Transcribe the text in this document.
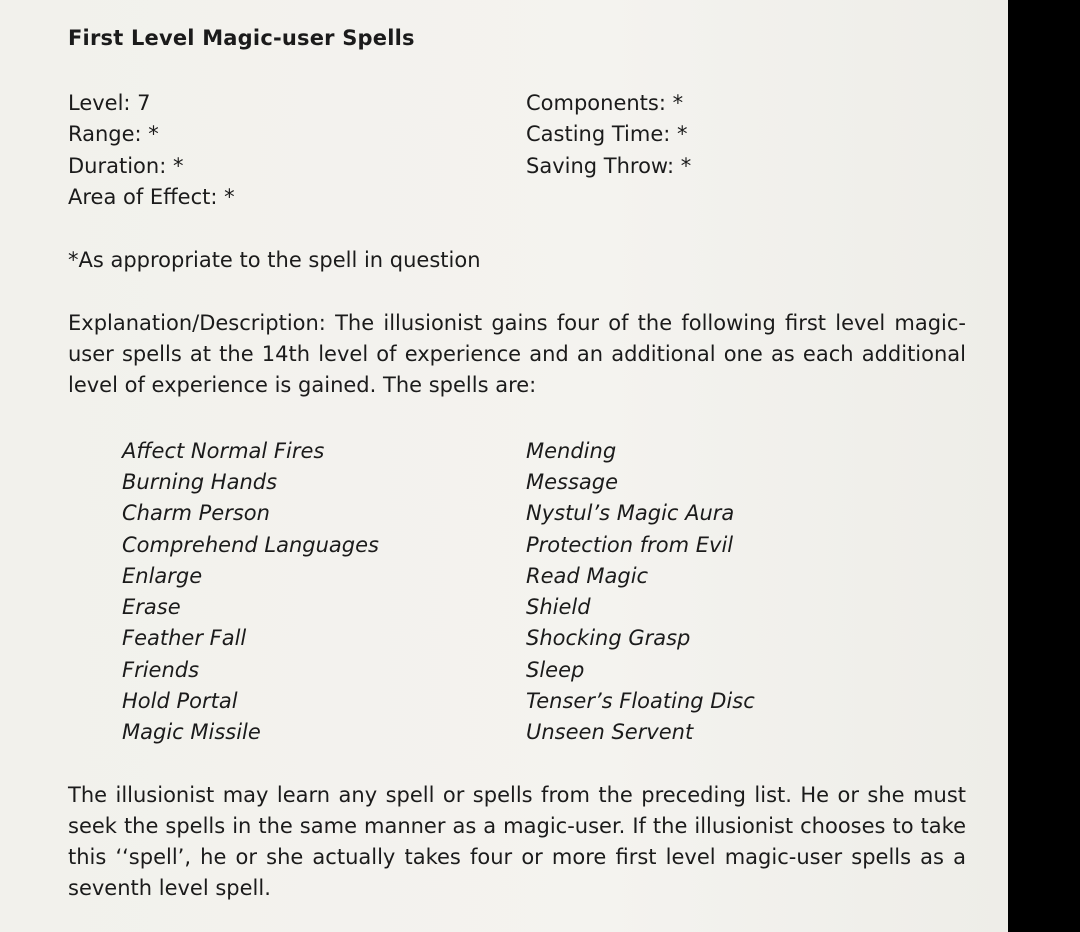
First Level Magic-user Spells
Level: 7
Range: *
Duration: *
Area of Effect: *
Components: *
Casting Time: *
Saving Throw: *
*As appropriate to the spell in question
Explanation/Description: The illusionist gains four of the following first level magic-user spells at the 14th level of experience and an additional one as each additional level of experience is gained. The spells are:
Affect Normal Fires
Burning Hands
Charm Person
Comprehend Languages
Enlarge
Erase
Feather Fall
Friends
Hold Portal
Magic Missile
Mending
Message
Nystul’s Magic Aura
Protection from Evil
Read Magic
Shield
Shocking Grasp
Sleep
Tenser’s Floating Disc
Unseen Servent
The illusionist may learn any spell or spells from the preceding list. He or she must seek the spells in the same manner as a magic-user. If the illusionist chooses to take this ‘‘spell’, he or she actually takes four or more first level magic-user spells as a seventh level spell.
